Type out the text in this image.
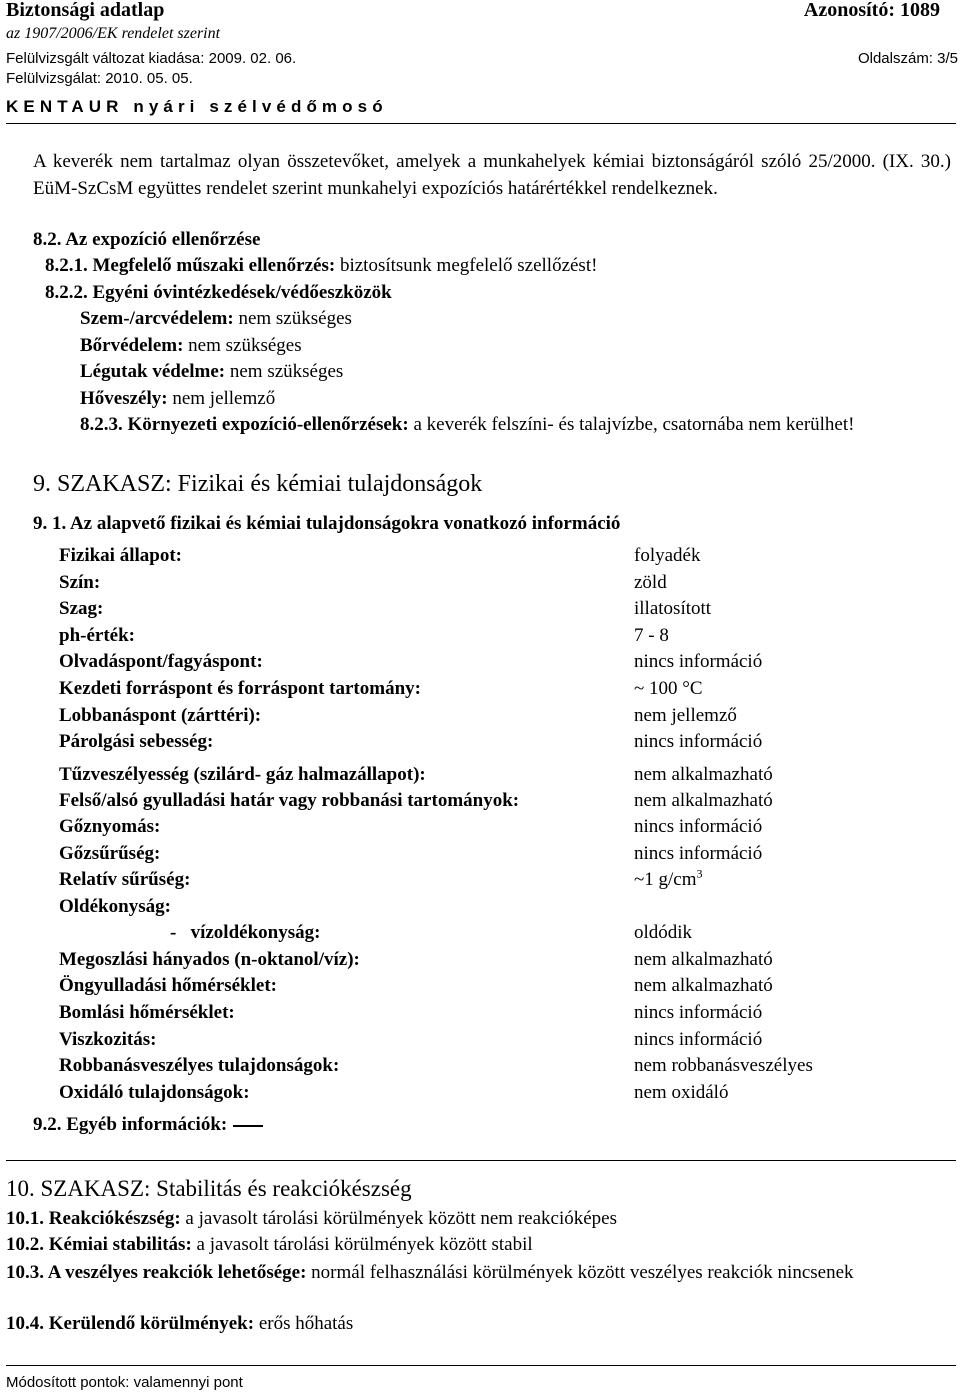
Biztonsági adatlap	Azonosító: 1089
az 1907/2006/EK rendelet szerint
Felülvizsgált változat kiadása: 2009. 02. 06.	Oldalszám: 3/5
Felülvizsgálat: 2010. 05. 05.
KENTAUR nyári szélvédőmosó
A keverék nem tartalmaz olyan összetevőket, amelyek a munkahelyek kémiai biztonságáról szóló 25/2000. (IX. 30.) EüM-SzCsM együttes rendelet szerint munkahelyi expozíciós határértékkel rendelkeznek.
8.2. Az expozíció ellenőrzése
8.2.1. Megfelelő műszaki ellenőrzés: biztosítsunk megfelelő szellőzést!
8.2.2. Egyéni óvintézkedések/védőeszközök
Szem-/arcvédelem: nem szükséges
Bőrvédelem: nem szükséges
Légutak védelme: nem szükséges
Hőveszély: nem jellemző
8.2.3. Környezeti expozíció-ellenőrzések: a keverék felszíni- és talajvízbe, csatornába nem kerülhet!
9. SZAKASZ: Fizikai és kémiai tulajdonságok
9. 1. Az alapvető fizikai és kémiai tulajdonságokra vonatkozó információ
Fizikai állapot:	folyadék
Szín:	zöld
Szag:	illatosított
ph-érték:	7 - 8
Olvadáspont/fagyáspont:	nincs információ
Kezdeti forráspont és forráspont tartomány:	~ 100 °C
Lobbanáspont (zárttéri):	nem jellemző
Párolgási sebesség:	nincs információ
Tűzveszélyesség (szilárd- gáz halmazállapot):	nem alkalmazható
Felső/alsó gyulladási határ vagy robbanási tartományok:	nem alkalmazható
Gőznyomás:	nincs információ
Gőzsűrűség:	nincs információ
Relatív sűrűség:	~1 $g/cm^3$
Oldékonyság:
-   vízoldékonyság:	oldódik
Megoszlási hányados (n-oktanol/víz):	nem alkalmazható
Öngyulladási hőmérséklet:	nem alkalmazható
Bomlási hőmérséklet:	nincs információ
Viszkozitás:	nincs információ
Robbanásveszélyes tulajdonságok:	nem robbanásveszélyes
Oxidáló tulajdonságok:	nem oxidáló
9.2. Egyéb információk:
10. SZAKASZ: Stabilitás és reakciókészség
10.1. Reakciókészség: a javasolt tárolási körülmények között nem reakcióképes
10.2. Kémiai stabilitás: a javasolt tárolási körülmények között stabil
10.3. A veszélyes reakciók lehetősége: normál felhasználási körülmények között veszélyes reakciók nincsenek
10.4. Kerülendő körülmények: erős hőhatás
Módosított pontok: valamennyi pont
